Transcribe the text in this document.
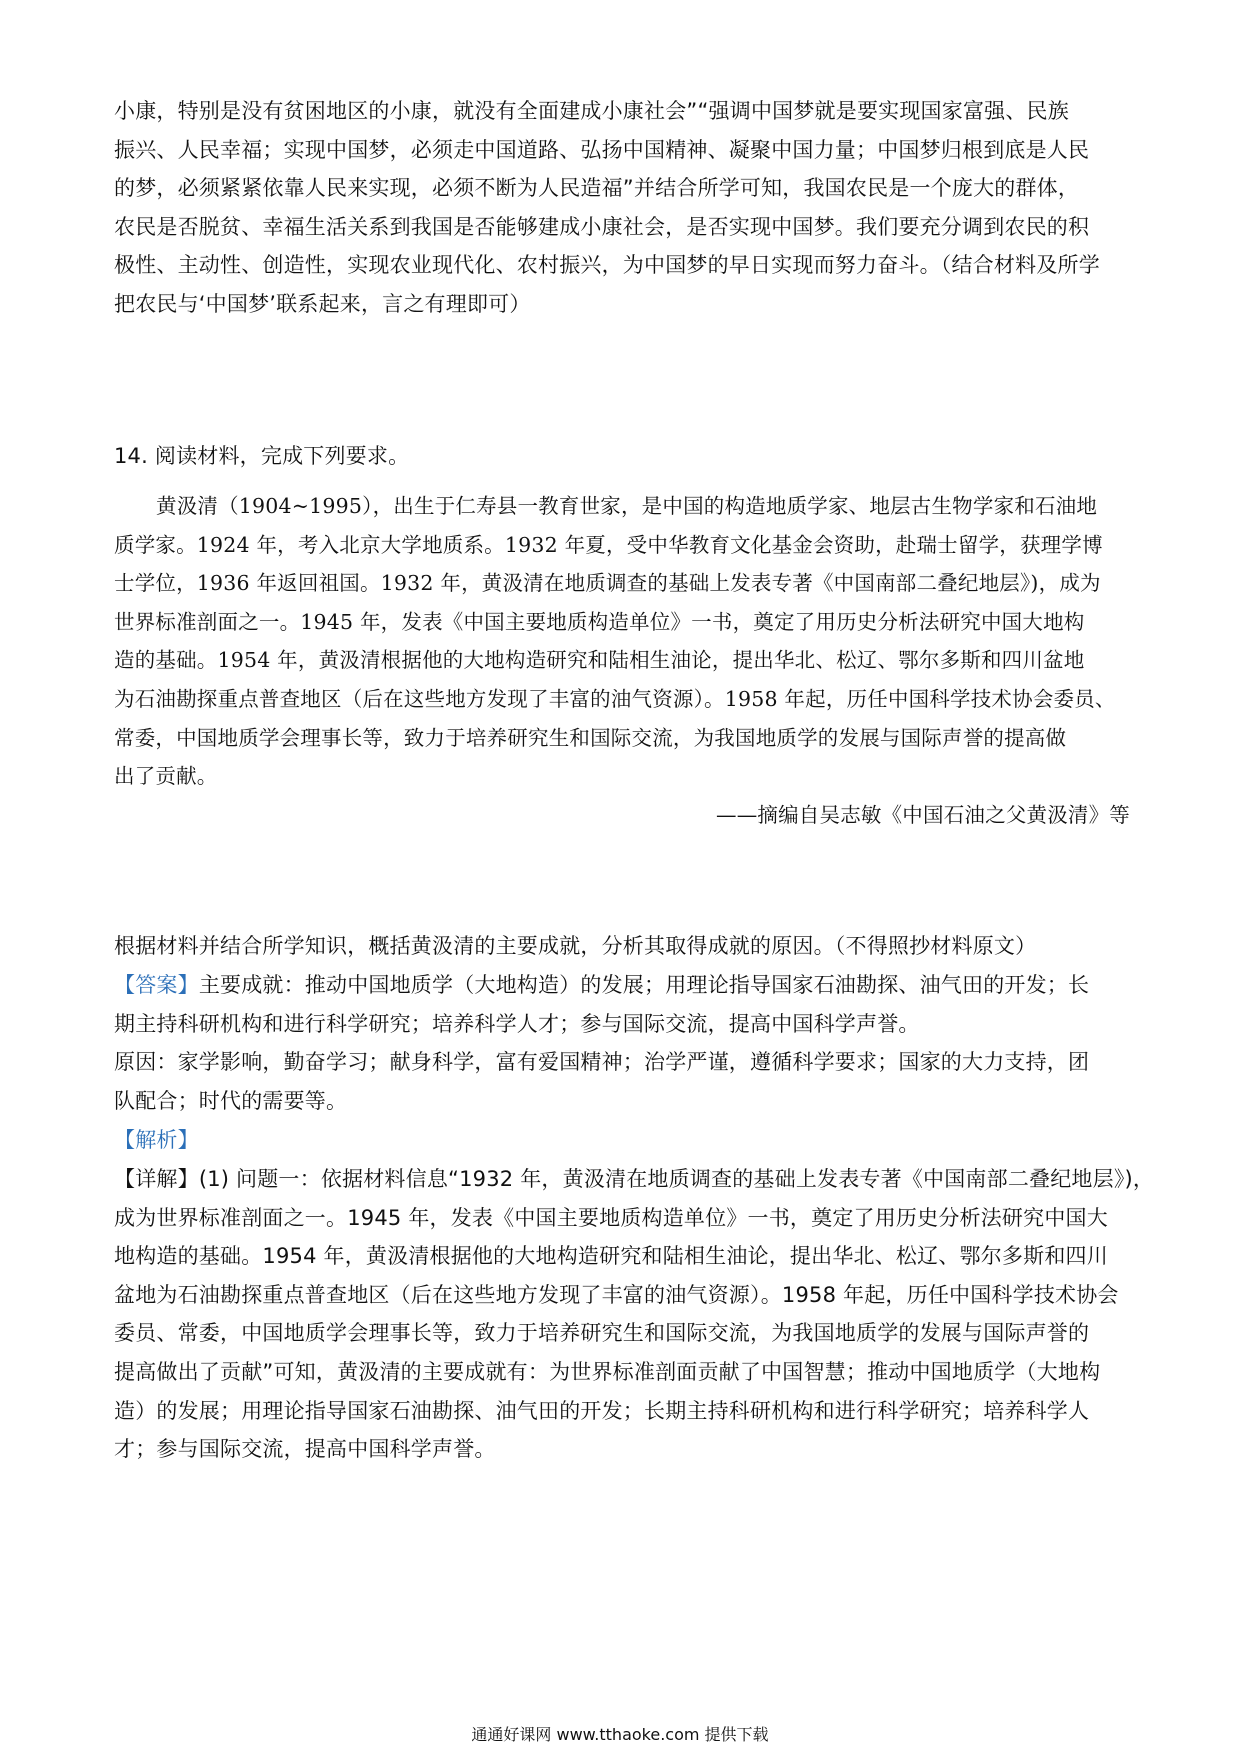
小康，特别是没有贫困地区的小康，就没有全面建成小康社会”“强调中国梦就是要实现国家富强、民族
振兴、人民幸福；实现中国梦，必须走中国道路、弘扬中国精神、凝聚中国力量；中国梦归根到底是人民
的梦，必须紧紧依靠人民来实现，必须不断为人民造福”并结合所学可知，我国农民是一个庞大的群体，
农民是否脱贫、幸福生活关系到我国是否能够建成小康社会，是否实现中国梦。我们要充分调到农民的积
极性、主动性、创造性，实现农业现代化、农村振兴，为中国梦的早日实现而努力奋斗。（结合材料及所学
把农民与‘中国梦’联系起来，言之有理即可）
14. 阅读材料，完成下列要求。
黄汲清（1904~1995），出生于仁寿县一教育世家，是中国的构造地质学家、地层古生物学家和石油地
质学家。1924 年，考入北京大学地质系。1932 年夏，受中华教育文化基金会资助，赴瑞士留学，获理学博
士学位，1936 年返回祖国。1932 年，黄汲清在地质调查的基础上发表专著《中国南部二叠纪地层》)，成为
世界标准剖面之一。1945 年，发表《中国主要地质构造单位》一书，奠定了用历史分析法研究中国大地构
造的基础。1954 年，黄汲清根据他的大地构造研究和陆相生油论，提出华北、松辽、鄂尔多斯和四川盆地
为石油勘探重点普查地区（后在这些地方发现了丰富的油气资源）。1958 年起，历任中国科学技术协会委员、
常委，中国地质学会理事长等，致力于培养研究生和国际交流，为我国地质学的发展与国际声誉的提高做
出了贡献。
——摘编自吴志敏《中国石油之父黄汲清》等
根据材料并结合所学知识，概括黄汲清的主要成就，分析其取得成就的原因。（不得照抄材料原文）
【答案】主要成就：推动中国地质学（大地构造）的发展；用理论指导国家石油勘探、油气田的开发；长
期主持科研机构和进行科学研究；培养科学人才；参与国际交流，提高中国科学声誉。
原因：家学影响，勤奋学习；献身科学，富有爱国精神；治学严谨，遵循科学要求；国家的大力支持，团
队配合；时代的需要等。
【解析】
【详解】(1) 问题一：依据材料信息“1932 年，黄汲清在地质调查的基础上发表专著《中国南部二叠纪地层》)，
成为世界标准剖面之一。1945 年，发表《中国主要地质构造单位》一书，奠定了用历史分析法研究中国大
地构造的基础。1954 年，黄汲清根据他的大地构造研究和陆相生油论，提出华北、松辽、鄂尔多斯和四川
盆地为石油勘探重点普查地区（后在这些地方发现了丰富的油气资源）。1958 年起，历任中国科学技术协会
委员、常委，中国地质学会理事长等，致力于培养研究生和国际交流，为我国地质学的发展与国际声誉的
提高做出了贡献”可知，黄汲清的主要成就有：为世界标准剖面贡献了中国智慧；推动中国地质学（大地构
造）的发展；用理论指导国家石油勘探、油气田的开发；长期主持科研机构和进行科学研究；培养科学人
才；参与国际交流，提高中国科学声誉。
通通好课网 www.tthaoke.com 提供下载
